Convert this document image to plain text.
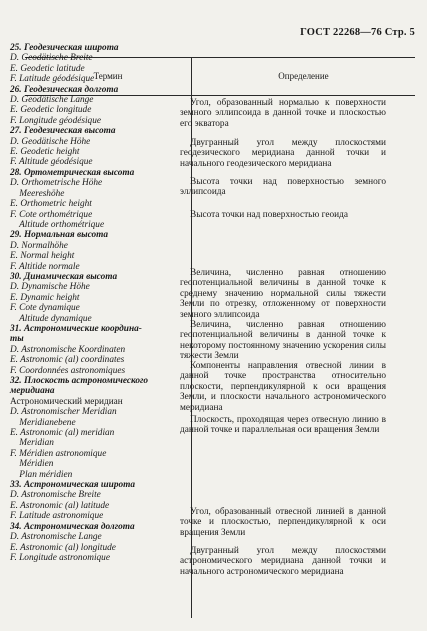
ГОСТ 22268—76 Стр. 5
Термин	Определение
25. Геодезическая широта
D. Geodätische Breite
E. Geodetic latitude
F. Latitude géodésique
26. Геодезическая долгота
D. Geodätische Lange
E. Geodetic longitude
F. Longitude géodésique
27. Геодезическая высота
D. Geodätische Höhe
E. Geodetic height
F. Altitude géodésique
28. Ортометрическая высота
D. Orthometrische Höhe
Meereshöhe
E. Orthometric height
F. Cote orthométrique
Altitude orthométrique
29. Нормальная высота
D. Normalhöhe
E. Normal height
F. Altitide normale
30. Динамическая высота
D. Dynamische Höhe
E. Dynamic height
F. Cote dynamique
Altitude dynamique
31. Астрономические координа-
ты
D. Astronomische Koordinaten
E. Astronomic (al) coordinates
F. Coordonnées astronomiques
32. Плоскость астрономического
меридиана
Астрономический меридиан
D. Astronomischer Meridian
Meridianebene
E. Astronomic (al) meridian
Meridian
F. Méridien astronomique
Méridien
Plan méridien
33. Астрономическая широта
D. Astronomische Breite
E. Astronomic (al) latitude
F. Latitude astronomique
34. Астрономическая долгота
D. Astronomische Lange
E. Astronomic (al) longitude
F. Longitude astronomique
Угол, образованный нормалью к поверхности земного эллипсоида в данной точке и плоскостью его экватора
Двугранный угол между плоскостями геодезического меридиана данной точки и начального геодезического меридиана
Высота точки над поверхностью земного эллипсоида
Высота точки над поверхностью геоида
Величина, численно равная отношению геопотенциальной величины в данной точке к среднему значению нормальной силы тяжести Земли по отрезку, отложенному от поверхности земного эллипсоида
Величина, численно равная отношению геопотенциальной величины в данной точке к некоторому постоянному значению ускорения силы тяжести Земли
Компоненты направления отвесной линии в данной точке пространства относительно плоскости, перпендикулярной к оси вращения Земли, и плоскости начального астрономического меридиана
Плоскость, проходящая через отвесную линию в данной точке и параллельная оси вращения Земли
Угол, образованный отвесной линией в данной точке и плоскостью, перпендикулярной к оси вращения Земли
Двугранный угол между плоскостями астрономического меридиана данной точки и начального астрономического меридиана
